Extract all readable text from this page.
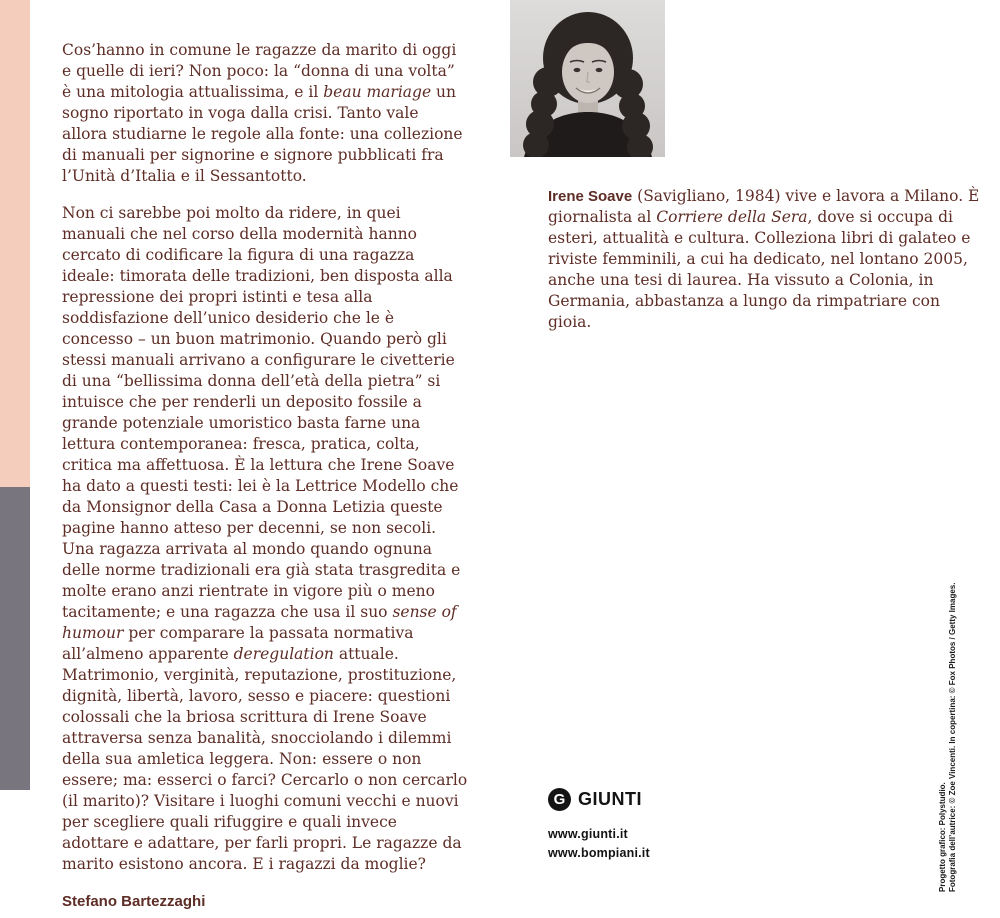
Cos’hanno in comune le ragazze da marito di oggi e quelle di ieri? Non poco: la “donna di una volta” è una mitologia attualissima, e il beau mariage un sogno riportato in voga dalla crisi. Tanto vale allora studiarne le regole alla fonte: una collezione di manuali per signorine e signore pubblicati fra l’Unità d’Italia e il Sessantotto.

Non ci sarebbe poi molto da ridere, in quei manuali che nel corso della modernità hanno cercato di codificare la figura di una ragazza ideale: timorata delle tradizioni, ben disposta alla repressione dei propri istinti e tesa alla soddisfazione dell’unico desiderio che le è concesso – un buon matrimonio. Quando però gli stessi manuali arrivano a configurare le civetterie di una “bellissima donna dell’età della pietra” si intuisce che per renderli un deposito fossile a grande potenziale umoristico basta farne una lettura contemporanea: fresca, pratica, colta, critica ma affettuosa. È la lettura che Irene Soave ha dato a questi testi: lei è la Lettrice Modello che da Monsignor della Casa a Donna Letizia queste pagine hanno atteso per decenni, se non secoli. Una ragazza arrivata al mondo quando ognuna delle norme tradizionali era già stata trasgredita e molte erano anzi rientrate in vigore più o meno tacitamente; e una ragazza che usa il suo sense of humour per comparare la passata normativa all’almeno apparente deregulation attuale. Matrimonio, verginità, reputazione, prostituzione, dignità, libertà, lavoro, sesso e piacere: questioni colossali che la briosa scrittura di Irene Soave attraversa senza banalità, snocciolando i dilemmi della sua amletica leggera. Non: essere o non essere; ma: esserci o farci? Cercarlo o non cercarlo (il marito)? Visitare i luoghi comuni vecchi e nuovi per scegliere quali rifuggire e quali invece adottare e adattare, per farli propri. Le ragazze da marito esistono ancora. E i ragazzi da moglie?

Stefano Bartezzaghi

Irene Soave (Savigliano, 1984) vive e lavora a Milano. È giornalista al Corriere della Sera, dove si occupa di esteri, attualità e cultura. Colleziona libri di galateo e riviste femminili, a cui ha dedicato, nel lontano 2005, anche una tesi di laurea. Ha vissuto a Colonia, in Germania, abbastanza a lungo da rimpatriare con gioia.

G GIUNTI
www.giunti.it
www.bompiani.it	Progetto grafico: Polystudio. Fotografia dell’autrice: © Zoe Vincenti. In copertina: © Fox Photos / Getty Images.
